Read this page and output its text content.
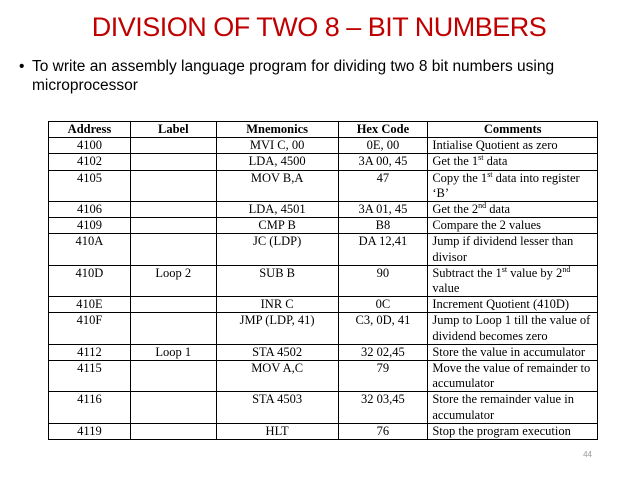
DIVISION OF TWO 8 – BIT NUMBERS
• To write an assembly language program for dividing two 8 bit numbers using microprocessor
Address	Label	Mnemonics	Hex Code	Comments
4100		MVI C, 00	0E, 00	Intialise Quotient as zero
4102		LDA, 4500	3A 00, 45	Get the 1st data
4105		MOV B,A	47	Copy the 1st data into register ‘B’
4106		LDA, 4501	3A 01, 45	Get the 2nd data
4109		CMP B	B8	Compare the 2 values
410A		JC (LDP)	DA 12,41	Jump if dividend lesser than divisor
410D	Loop 2	SUB B	90	Subtract the 1st value by 2nd value
410E		INR C	0C	Increment Quotient (410D)
410F		JMP (LDP, 41)	C3, 0D, 41	Jump to Loop 1 till the value of dividend becomes zero
4112	Loop 1	STA 4502	32 02,45	Store the value in accumulator
4115		MOV A,C	79	Move the value of remainder to accumulator
4116		STA 4503	32 03,45	Store the remainder value in accumulator
4119		HLT	76	Stop the program execution
44
